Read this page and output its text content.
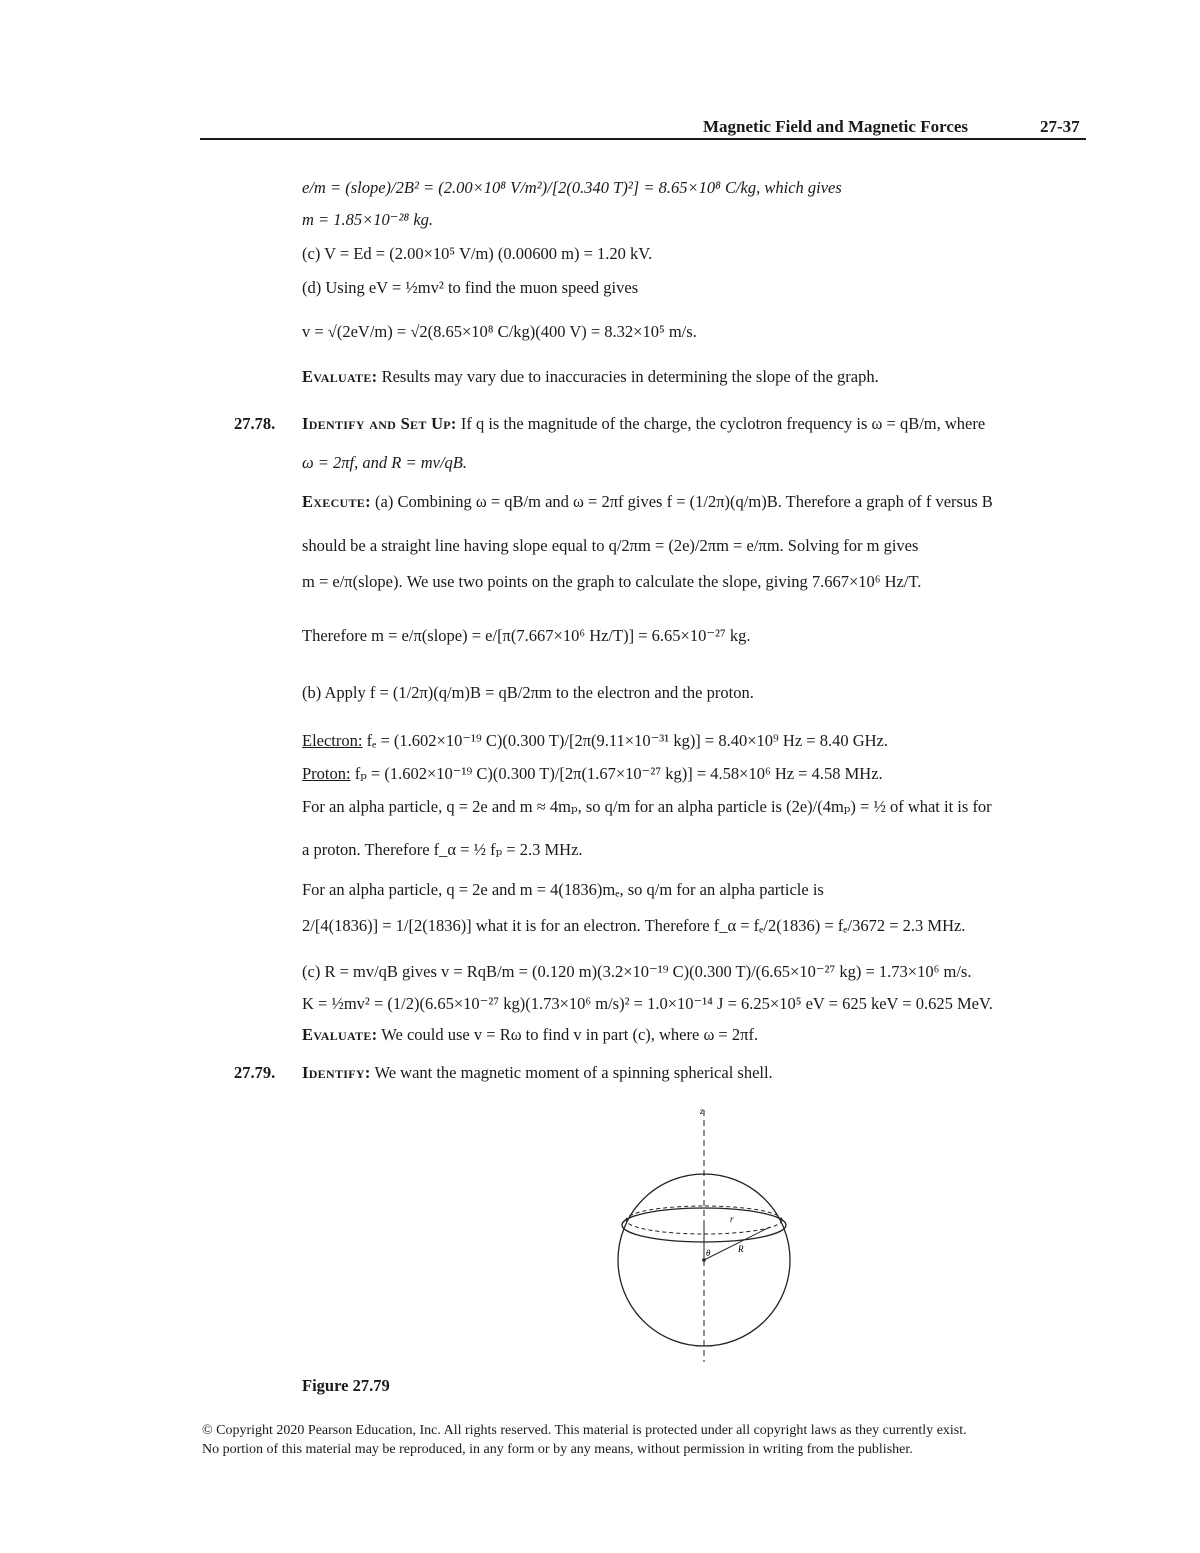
Magnetic Field and Magnetic Forces	27-37
e/m = (slope)/2B² = (2.00×10⁸ V/m²)/[2(0.340 T)²] = 8.65×10⁸ C/kg, which gives
m = 1.85×10⁻²⁸ kg.
(c) V = Ed = (2.00×10⁵ V/m) (0.00600 m) = 1.20 kV.
(d) Using eV = ½mv² to find the muon speed gives
v = √(2eV/m) = √2(8.65×10⁸ C/kg)(400 V) = 8.32×10⁵ m/s.
Evaluate: Results may vary due to inaccuracies in determining the slope of the graph.
27.78. Identify and Set Up: If q is the magnitude of the charge, the cyclotron frequency is ω = qB/m, where
ω = 2πf, and R = mv/qB.
Execute: (a) Combining ω = qB/m and ω = 2πf gives f = (1/2π)(q/m)B. Therefore a graph of f versus B
should be a straight line having slope equal to q/2πm = (2e)/2πm = e/πm. Solving for m gives
m = e/π(slope). We use two points on the graph to calculate the slope, giving 7.667×10⁶ Hz/T.
Therefore m = e/π(slope) = e/[π(7.667×10⁶ Hz/T)] = 6.65×10⁻²⁷ kg.
(b) Apply f = (1/2π)(q/m)B = qB/2πm to the electron and the proton.
Electron: fₑ = (1.602×10⁻¹⁹ C)(0.300 T)/[2π(9.11×10⁻³¹ kg)] = 8.40×10⁹ Hz = 8.40 GHz.
Proton: fₚ = (1.602×10⁻¹⁹ C)(0.300 T)/[2π(1.67×10⁻²⁷ kg)] = 4.58×10⁶ Hz = 4.58 MHz.
For an alpha particle, q = 2e and m ≈ 4mₚ, so q/m for an alpha particle is (2e)/(4mₚ) = ½ of what it is for
a proton. Therefore f_α = ½ fₚ = 2.3 MHz.
For an alpha particle, q = 2e and m = 4(1836)mₑ, so q/m for an alpha particle is
2/[4(1836)] = 1/[2(1836)] what it is for an electron. Therefore f_α = fₑ/2(1836) = fₑ/3672 = 2.3 MHz.
(c) R = mv/qB gives v = RqB/m = (0.120 m)(3.2×10⁻¹⁹ C)(0.300 T)/(6.65×10⁻²⁷ kg) = 1.73×10⁶ m/s.
K = ½mv² = (1/2)(6.65×10⁻²⁷ kg)(1.73×10⁶ m/s)² = 1.0×10⁻¹⁴ J = 6.25×10⁵ eV = 625 keV = 0.625 MeV.
Evaluate: We could use v = Rω to find v in part (c), where ω = 2πf.
27.79. Identify: We want the magnetic moment of a spinning spherical shell.
z
r
R
θ
Figure 27.79
© Copyright 2020 Pearson Education, Inc. All rights reserved. This material is protected under all copyright laws as they currently exist.
No portion of this material may be reproduced, in any form or by any means, without permission in writing from the publisher.
